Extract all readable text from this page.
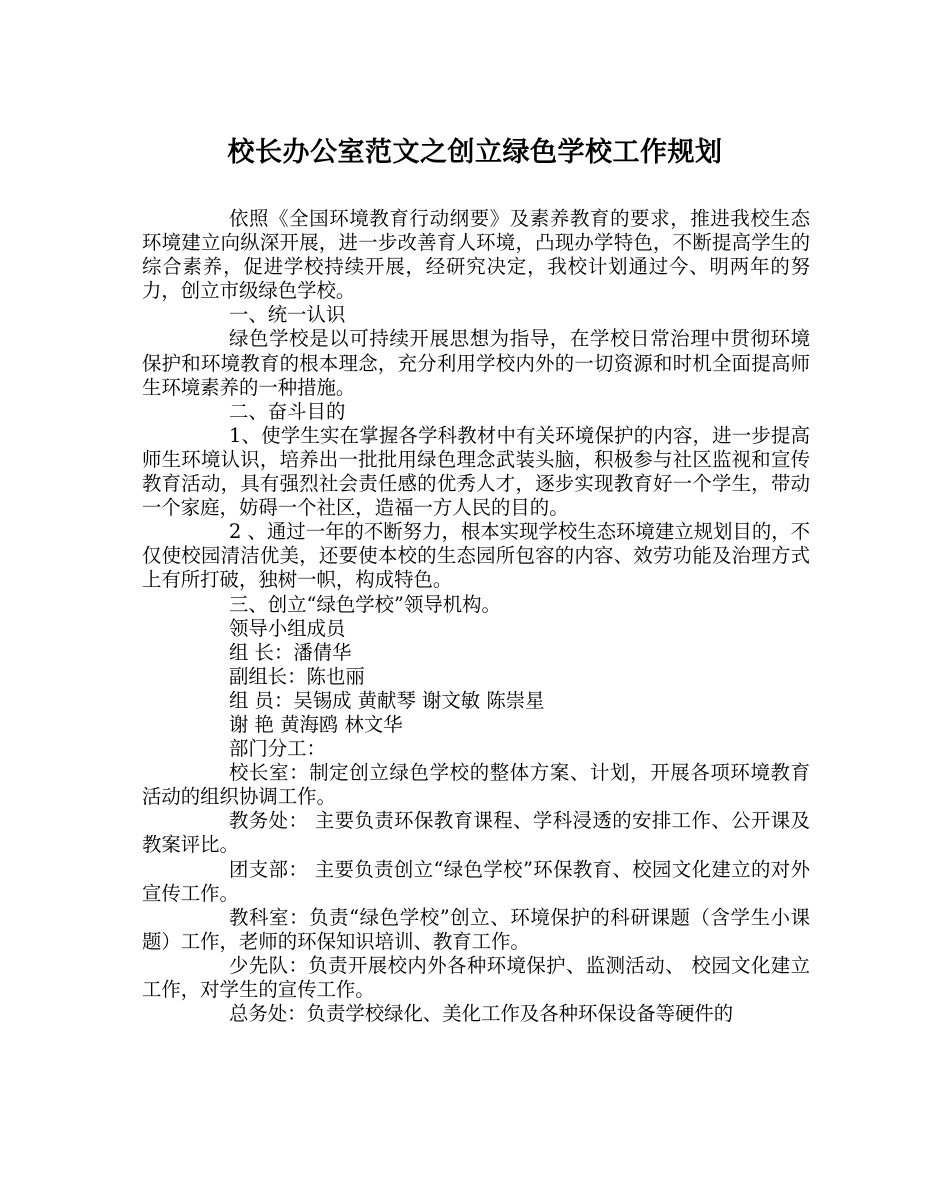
校长办公室范文之创立绿色学校工作规划

依照《全国环境教育行动纲要》及素养教育的要求，推进我校生态环境建立向纵深开展，进一步改善育人环境，凸现办学特色，不断提高学生的综合素养，促进学校持续开展，经研究决定，我校计划通过今、明两年的努力，创立市级绿色学校。

一、统一认识

绿色学校是以可持续开展思想为指导，在学校日常治理中贯彻环境保护和环境教育的根本理念，充分利用学校内外的一切资源和时机全面提高师生环境素养的一种措施。

二、奋斗目的

1、使学生实在掌握各学科教材中有关环境保护的内容，进一步提高师生环境认识，培养出一批批用绿色理念武装头脑，积极参与社区监视和宣传教育活动，具有强烈社会责任感的优秀人才，逐步实现教育好一个学生，带动一个家庭，妨碍一个社区，造福一方人民的目的。

2 、通过一年的不断努力，根本实现学校生态环境建立规划目的，不仅使校园清洁优美，还要使本校的生态园所包容的内容、效劳功能及治理方式上有所打破，独树一帜，构成特色。

三、创立“绿色学校”领导机构。

领导小组成员

组 长：潘倩华

副组长：陈也丽

组 员：吴锡成 黄献琴 谢文敏 陈崇星

谢 艳 黄海鸥 林文华

部门分工：

校长室：制定创立绿色学校的整体方案、计划，开展各项环境教育活动的组织协调工作。

教务处： 主要负责环保教育课程、学科浸透的安排工作、公开课及教案评比。

团支部： 主要负责创立“绿色学校”环保教育、校园文化建立的对外宣传工作。

教科室：负责“绿色学校”创立、环境保护的科研课题（含学生小课题）工作，老师的环保知识培训、教育工作。

少先队：负责开展校内外各种环境保护、监测活动、 校园文化建立工作，对学生的宣传工作。

总务处：负责学校绿化、美化工作及各种环保设备等硬件的
